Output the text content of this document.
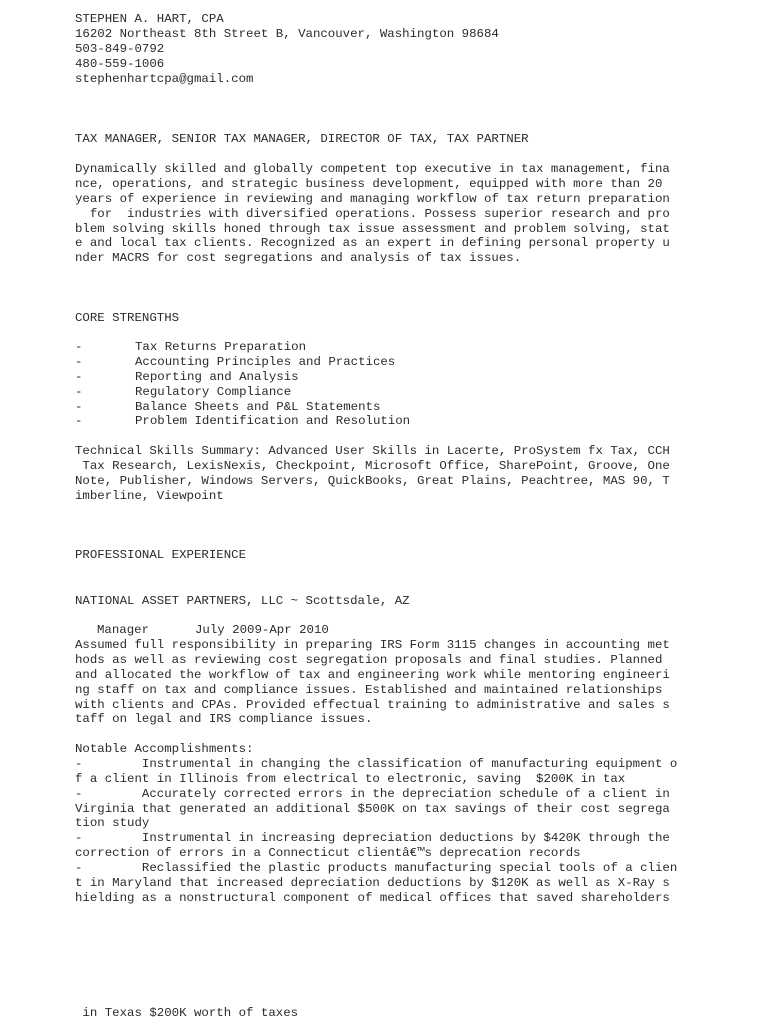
STEPHEN A. HART, CPA
16202 Northeast 8th Street B, Vancouver, Washington 98684
503-849-0792
480-559-1006
stephenhartcpa@gmail.com
TAX MANAGER, SENIOR TAX MANAGER, DIRECTOR OF TAX, TAX PARTNER
Dynamically skilled and globally competent top executive in tax management, fina
nce, operations, and strategic business development, equipped with more than 20
years of experience in reviewing and managing workflow of tax return preparation
for  industries with diversified operations. Possess superior research and pro
blem solving skills honed through tax issue assessment and problem solving, stat
e and local tax clients. Recognized as an expert in defining personal property u
nder MACRS for cost segregations and analysis of tax issues.
CORE STRENGTHS

-

	Tax Returns Preparation

-

	Accounting Principles and Practices

-

	Reporting and Analysis

-

	Regulatory Compliance

-

	Balance Sheets and P&L Statements

-

	Problem Identification and Resolution

Technical Skills Summary: Advanced User Skills in Lacerte, ProSystem fx Tax, CCH
Tax Research, LexisNexis, Checkpoint, Microsoft Office, SharePoint, Groove, One
Note, Publisher, Windows Servers, QuickBooks, Great Plains, Peachtree, MAS 90, T
imberline, Viewpoint
PROFESSIONAL EXPERIENCE
NATIONAL ASSET PARTNERS, LLC ~ Scottsdale, AZ

Manager

	July 2009-Apr 2010

Assumed full responsibility in preparing IRS Form 3115 changes in accounting met
hods as well as reviewing cost segregation proposals and final studies. Planned
and allocated the workflow of tax and engineering work while mentoring engineeri
ng staff on tax and compliance issues. Established and maintained relationships
with clients and CPAs. Provided effectual training to administrative and sales s
taff on legal and IRS compliance issues.
Notable Accomplishments:
-        Instrumental in changing the classification of manufacturing equipment o
f a client in Illinois from electrical to electronic, saving  $200K in tax
-        Accurately corrected errors in the depreciation schedule of a client in
Virginia that generated an additional $500K on tax savings of their cost segrega
tion study
-        Instrumental in increasing depreciation deductions by $420K through the
correction of errors in a Connecticut clientâ€™s deprecation records
-        Reclassified the plastic products manufacturing special tools of a clien
t in Maryland that increased depreciation deductions by $120K as well as X-Ray s
hielding as a nonstructural component of medical offices that saved shareholders
in Texas $200K worth of taxes
